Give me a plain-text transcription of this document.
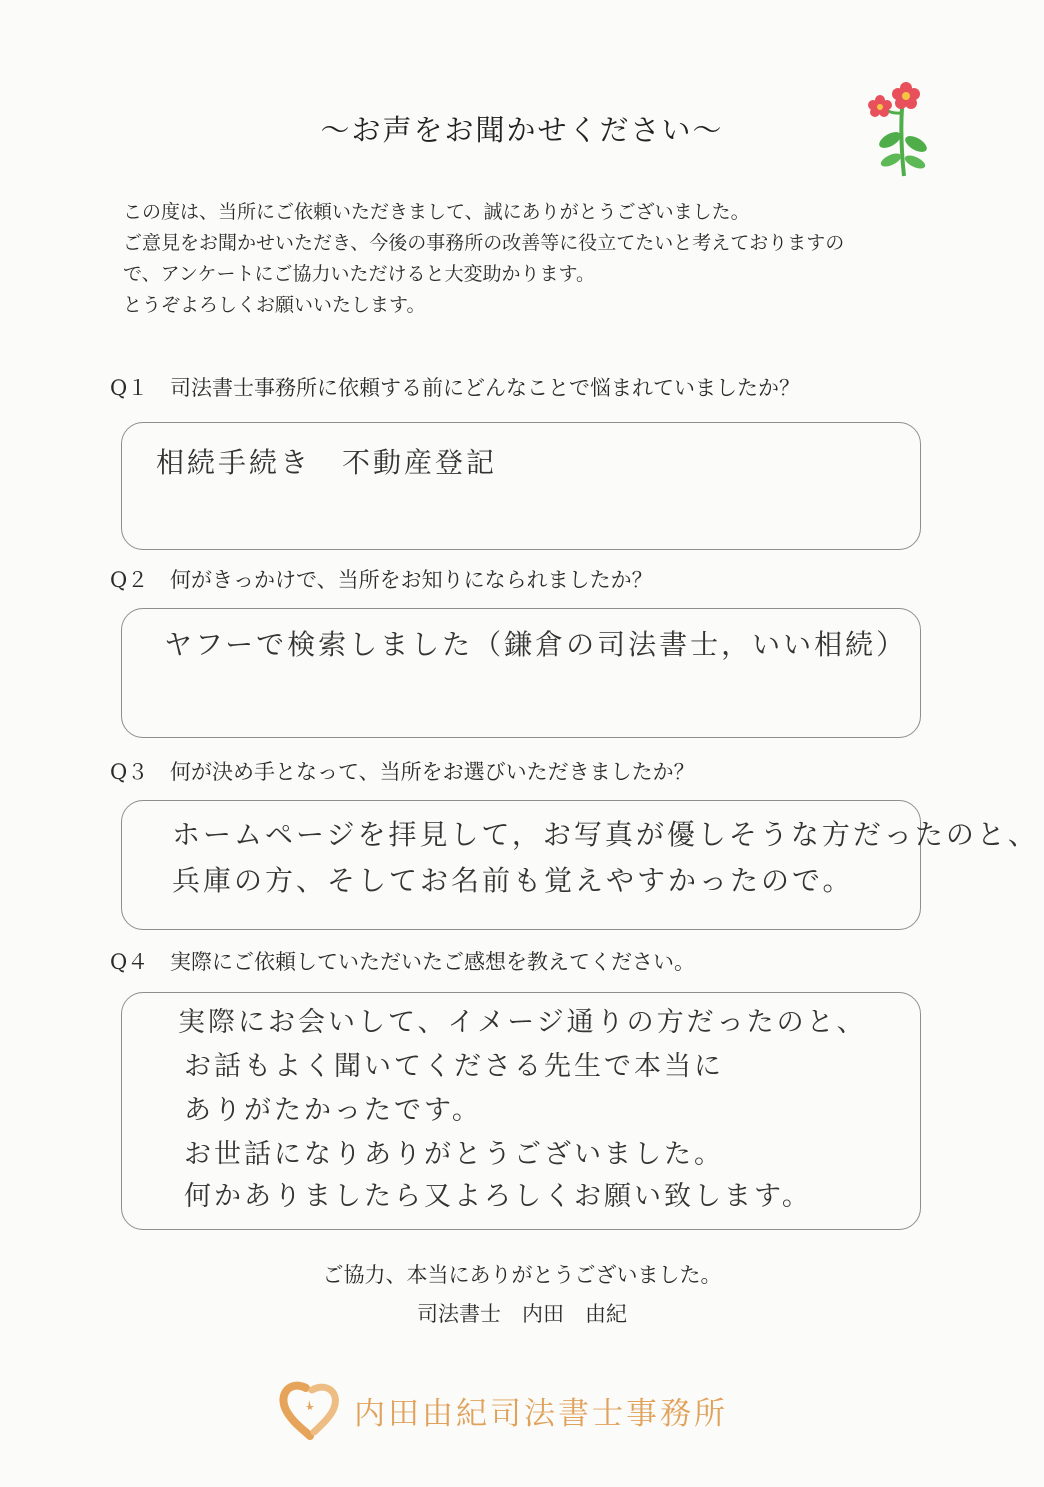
〜お声をお聞かせください〜
この度は、当所にご依頼いただきまして、誠にありがとうございました。
ご意見をお聞かせいただき、今後の事務所の改善等に役立てたいと考えておりますの
で、アンケートにご協力いただけると大変助かります。
とうぞよろしくお願いいたします。
Q１ 司法書士事務所に依頼する前にどんなことで悩まれていましたか？
相続手続き　不動産登記
Q２ 何がきっかけで、当所をお知りになられましたか？
ヤフーで検索しました（鎌倉の司法書士，いい相続）
Q３ 何が決め手となって、当所をお選びいただきましたか？
ホームページを拝見して，お写真が優しそうな方だったのと、
兵庫の方、そしてお名前も覚えやすかったので。
Q４ 実際にご依頼していただいたご感想を教えてください。
実際にお会いして、イメージ通りの方だったのと、
お話もよく聞いてくださる先生で本当に
ありがたかったです。
お世話になりありがとうございました。
何かありましたら又よろしくお願い致します。
ご協力、本当にありがとうございました。
司法書士　内田　由紀
内田由紀司法書士事務所
